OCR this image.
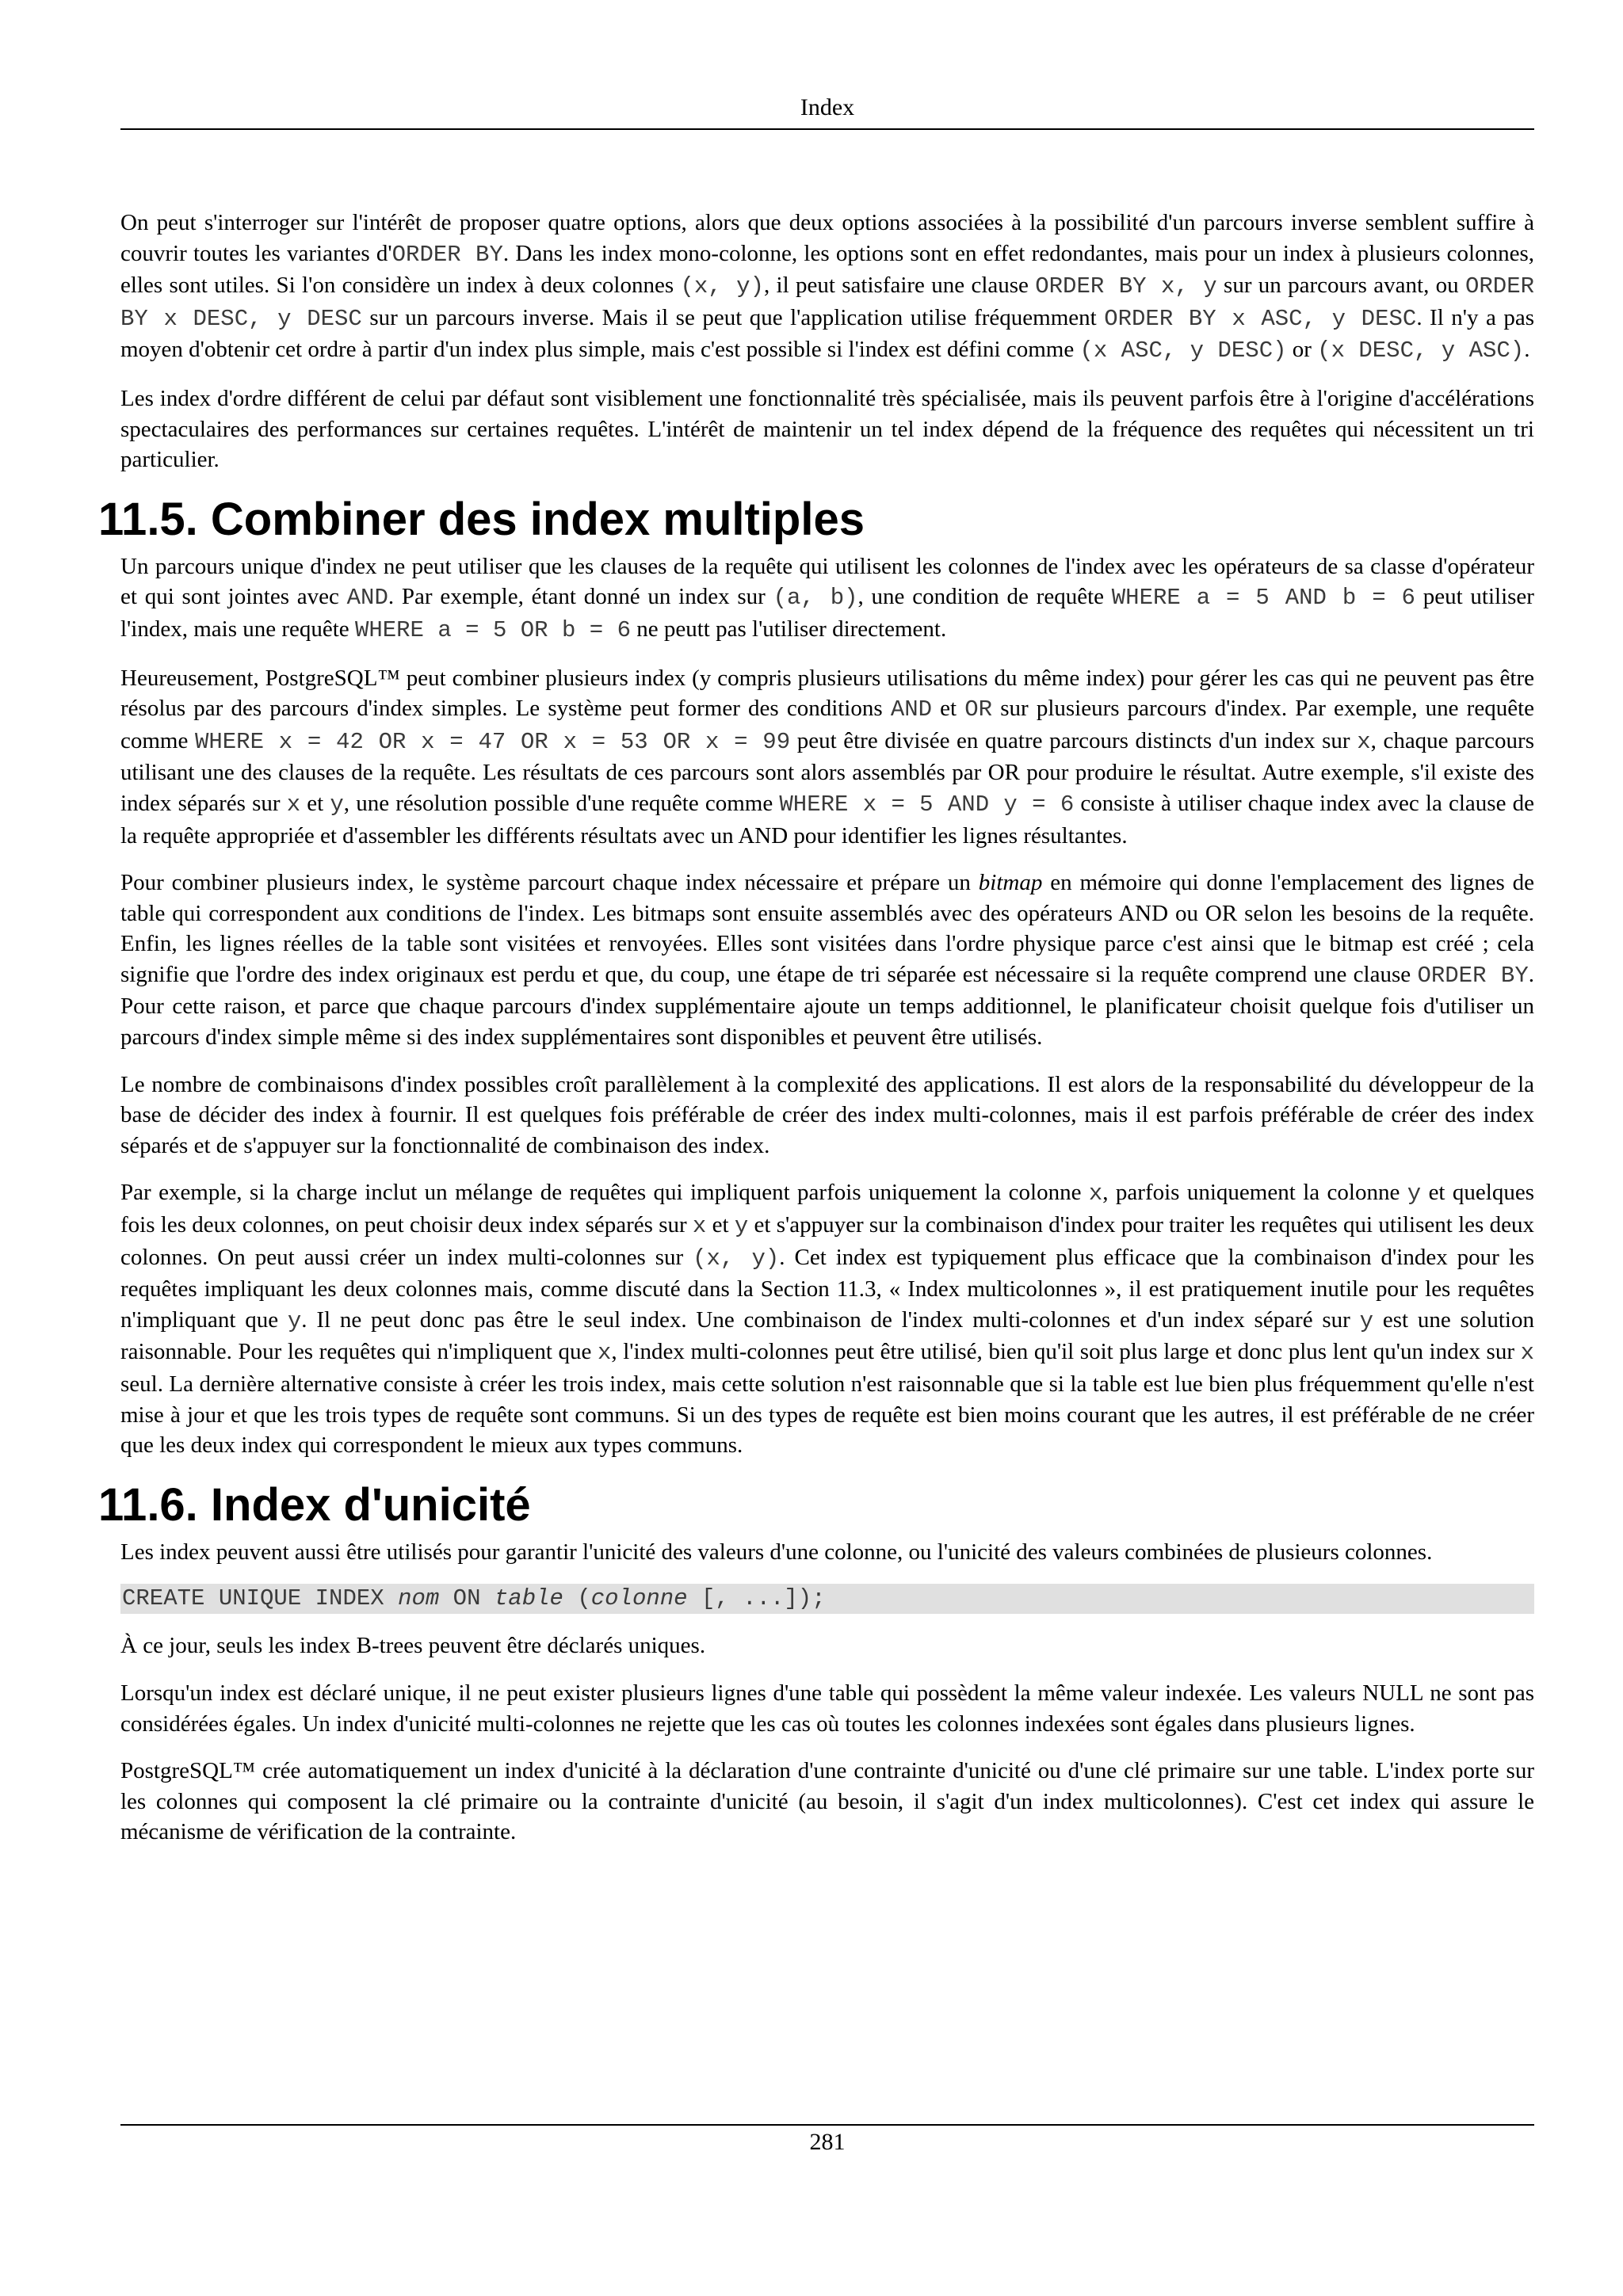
Index

On peut s'interroger sur l'intérêt de proposer quatre options, alors que deux options associées à la possibilité d'un parcours inverse semblent suffire à couvrir toutes les variantes d'ORDER BY. Dans les index mono-colonne, les options sont en effet redondantes, mais pour un index à plusieurs colonnes, elles sont utiles. Si l'on considère un index à deux colonnes (x, y), il peut satisfaire une clause ORDER BY x, y sur un parcours avant, ou ORDER BY x DESC, y DESC sur un parcours inverse. Mais il se peut que l'application utilise fréquemment ORDER BY x ASC, y DESC. Il n'y a pas moyen d'obtenir cet ordre à partir d'un index plus simple, mais c'est possible si l'index est défini comme (x ASC, y DESC) or (x DESC, y ASC).

Les index d'ordre différent de celui par défaut sont visiblement une fonctionnalité très spécialisée, mais ils peuvent parfois être à l'origine d'accélérations spectaculaires des performances sur certaines requêtes. L'intérêt de maintenir un tel index dépend de la fréquence des requêtes qui nécessitent un tri particulier.

11.5. Combiner des index multiples

Un parcours unique d'index ne peut utiliser que les clauses de la requête qui utilisent les colonnes de l'index avec les opérateurs de sa classe d'opérateur et qui sont jointes avec AND. Par exemple, étant donné un index sur (a, b), une condition de requête WHERE a = 5 AND b = 6 peut utiliser l'index, mais une requête WHERE a = 5 OR b = 6 ne peutt pas l'utiliser directement.

Heureusement, PostgreSQL™ peut combiner plusieurs index (y compris plusieurs utilisations du même index) pour gérer les cas qui ne peuvent pas être résolus par des parcours d'index simples. Le système peut former des conditions AND et OR sur plusieurs parcours d'index. Par exemple, une requête comme WHERE x = 42 OR x = 47 OR x = 53 OR x = 99 peut être divisée en quatre parcours distincts d'un index sur x, chaque parcours utilisant une des clauses de la requête. Les résultats de ces parcours sont alors assemblés par OR pour produire le résultat. Autre exemple, s'il existe des index séparés sur x et y, une résolution possible d'une requête comme WHERE x = 5 AND y = 6 consiste à utiliser chaque index avec la clause de la requête appropriée et d'assembler les différents résultats avec un AND pour identifier les lignes résultantes.

Pour combiner plusieurs index, le système parcourt chaque index nécessaire et prépare un bitmap en mémoire qui donne l'emplacement des lignes de table qui correspondent aux conditions de l'index. Les bitmaps sont ensuite assemblés avec des opérateurs AND ou OR selon les besoins de la requête. Enfin, les lignes réelles de la table sont visitées et renvoyées. Elles sont visitées dans l'ordre physique parce c'est ainsi que le bitmap est créé ; cela signifie que l'ordre des index originaux est perdu et que, du coup, une étape de tri séparée est nécessaire si la requête comprend une clause ORDER BY. Pour cette raison, et parce que chaque parcours d'index supplémentaire ajoute un temps additionnel, le planificateur choisit quelque fois d'utiliser un parcours d'index simple même si des index supplémentaires sont disponibles et peuvent être utilisés.

Le nombre de combinaisons d'index possibles croît parallèlement à la complexité des applications. Il est alors de la responsabilité du développeur de la base de décider des index à fournir. Il est quelques fois préférable de créer des index multi-colonnes, mais il est parfois préférable de créer des index séparés et de s'appuyer sur la fonctionnalité de combinaison des index.

Par exemple, si la charge inclut un mélange de requêtes qui impliquent parfois uniquement la colonne x, parfois uniquement la colonne y et quelques fois les deux colonnes, on peut choisir deux index séparés sur x et y et s'appuyer sur la combinaison d'index pour traiter les requêtes qui utilisent les deux colonnes. On peut aussi créer un index multi-colonnes sur (x, y). Cet index est typiquement plus efficace que la combinaison d'index pour les requêtes impliquant les deux colonnes mais, comme discuté dans la Section 11.3, « Index multicolonnes », il est pratiquement inutile pour les requêtes n'impliquant que y. Il ne peut donc pas être le seul index. Une combinaison de l'index multi-colonnes et d'un index séparé sur y est une solution raisonnable. Pour les requêtes qui n'impliquent que x, l'index multi-colonnes peut être utilisé, bien qu'il soit plus large et donc plus lent qu'un index sur x seul. La dernière alternative consiste à créer les trois index, mais cette solution n'est raisonnable que si la table est lue bien plus fréquemment qu'elle n'est mise à jour et que les trois types de requête sont communs. Si un des types de requête est bien moins courant que les autres, il est préférable de ne créer que les deux index qui correspondent le mieux aux types communs.

11.6. Index d'unicité

Les index peuvent aussi être utilisés pour garantir l'unicité des valeurs d'une colonne, ou l'unicité des valeurs combinées de plusieurs colonnes.

CREATE UNIQUE INDEX nom ON table (colonne [, ...]);

À ce jour, seuls les index B-trees peuvent être déclarés uniques.

Lorsqu'un index est déclaré unique, il ne peut exister plusieurs lignes d'une table qui possèdent la même valeur indexée. Les valeurs NULL ne sont pas considérées égales. Un index d'unicité multi-colonnes ne rejette que les cas où toutes les colonnes indexées sont égales dans plusieurs lignes.

PostgreSQL™ crée automatiquement un index d'unicité à la déclaration d'une contrainte d'unicité ou d'une clé primaire sur une table. L'index porte sur les colonnes qui composent la clé primaire ou la contrainte d'unicité (au besoin, il s'agit d'un index multicolonnes). C'est cet index qui assure le mécanisme de vérification de la contrainte.

281
